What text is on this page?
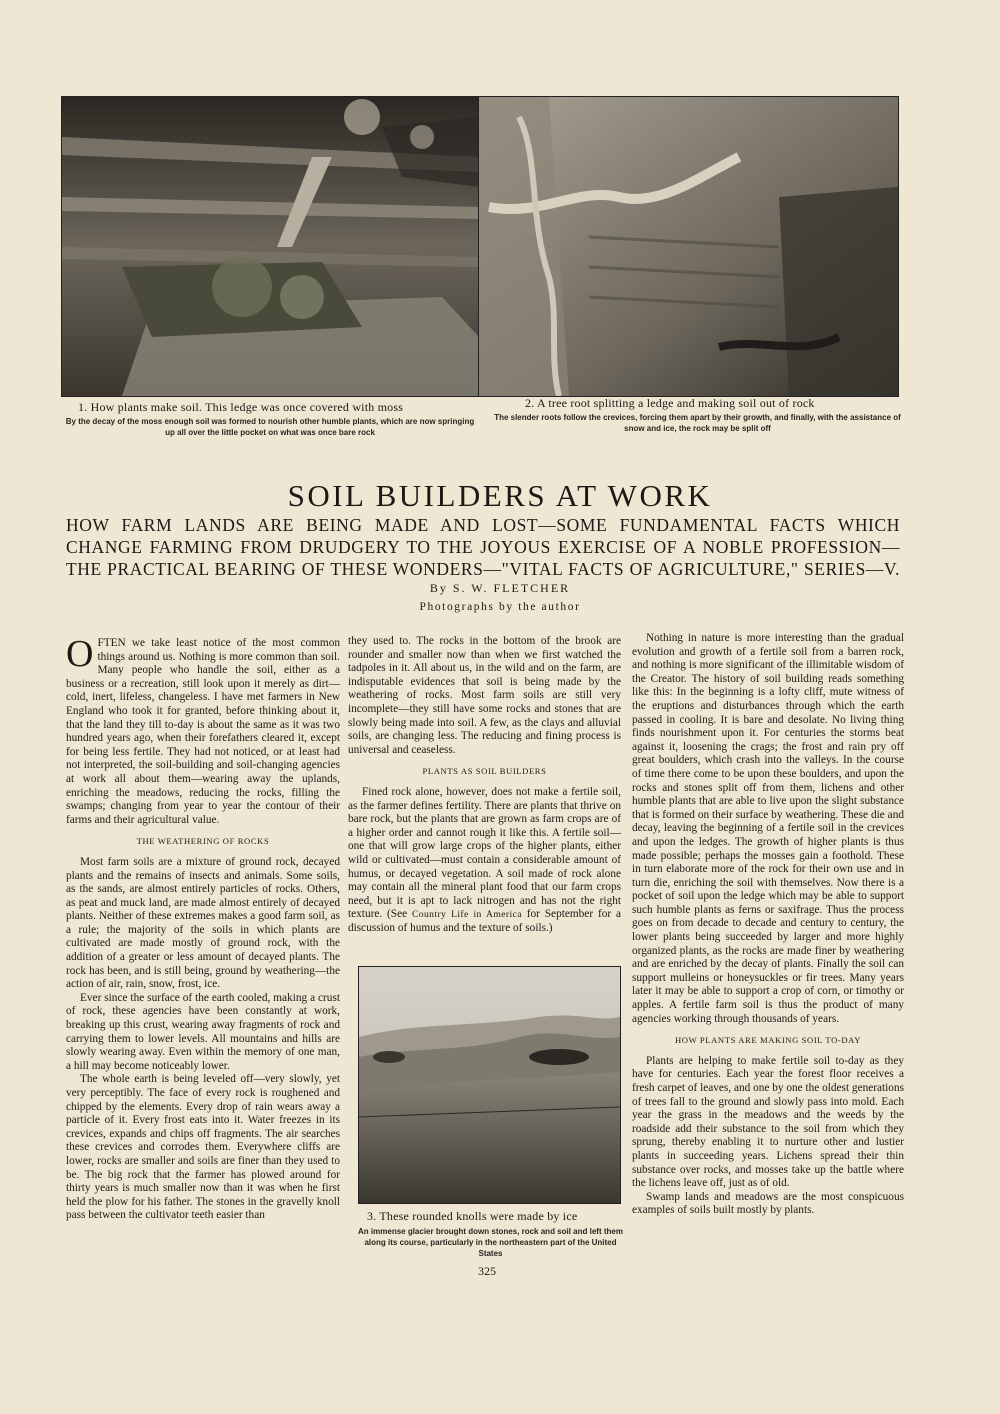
1. How plants make soil. This ledge was once covered with moss
By the decay of the moss enough soil was formed to nourish other humble plants, which are now springing up all over the little pocket on what was once bare rock
2. A tree root splitting a ledge and making soil out of rock
The slender roots follow the crevices, forcing them apart by their growth, and finally, with the assistance of snow and ice, the rock may be split off
SOIL BUILDERS AT WORK
HOW FARM LANDS ARE BEING MADE AND LOST—SOME FUNDAMENTAL FACTS WHICH CHANGE FARMING FROM DRUDGERY TO THE JOYOUS EXERCISE OF A NOBLE PROFESSION—THE PRACTICAL BEARING OF THESE WONDERS—"VITAL FACTS OF AGRICULTURE," SERIES—V.
By S. W. FLETCHER
Photographs by the author

OFTEN we take least notice of the most common things around us. Nothing is more common than soil. Many people who handle the soil, either as a business or a recreation, still look upon it merely as dirt—cold, inert, lifeless, changeless. I have met farmers in New England who took it for granted, before thinking about it, that the land they till to-day is about the same as it was two hundred years ago, when their forefathers cleared it, except for being less fertile. They had not noticed, or at least had not interpreted, the soil-building and soil-changing agencies at work all about them—wearing away the uplands, enriching the meadows, reducing the rocks, filling the swamps; changing from year to year the contour of their farms and their agricultural value.

THE WEATHERING OF ROCKS

Most farm soils are a mixture of ground rock, decayed plants and the remains of insects and animals. Some soils, as the sands, are almost entirely particles of rocks. Others, as peat and muck land, are made almost entirely of decayed plants. Neither of these extremes makes a good farm soil, as a rule; the majority of the soils in which plants are cultivated are made mostly of ground rock, with the addition of a greater or less amount of decayed plants. The rock has been, and is still being, ground by weathering—the action of air, rain, snow, frost, ice.

Ever since the surface of the earth cooled, making a crust of rock, these agencies have been constantly at work, breaking up this crust, wearing away fragments of rock and carrying them to lower levels. All mountains and hills are slowly wearing away. Even within the memory of one man, a hill may become noticeably lower.

The whole earth is being leveled off—very slowly, yet very perceptibly. The face of every rock is roughened and chipped by the elements. Every drop of rain wears away a particle of it. Every frost eats into it. Water freezes in its crevices, expands and chips off fragments. The air searches these crevices and corrodes them. Everywhere cliffs are lower, rocks are smaller and soils are finer than they used to be. The big rock that the farmer has plowed around for thirty years is much smaller now than it was when he first held the plow for his father. The stones in the gravelly knoll pass between the cultivator teeth easier than

they used to. The rocks in the bottom of the brook are rounder and smaller now than when we first watched the tadpoles in it. All about us, in the wild and on the farm, are indisputable evidences that soil is being made by the weathering of rocks. Most farm soils are still very incomplete—they still have some rocks and stones that are slowly being made into soil. A few, as the clays and alluvial soils, are changing less. The reducing and fining process is universal and ceaseless.

PLANTS AS SOIL BUILDERS

Fined rock alone, however, does not make a fertile soil, as the farmer defines fertility. There are plants that thrive on bare rock, but the plants that are grown as farm crops are of a higher order and cannot rough it like this. A fertile soil—one that will grow large crops of the higher plants, either wild or cultivated—must contain a considerable amount of humus, or decayed vegetation. A soil made of rock alone may contain all the mineral plant food that our farm crops need, but it is apt to lack nitrogen and has not the right texture. (See Country Life in America for September for a discussion of humus and the texture of soils.)

3. These rounded knolls were made by ice
An immense glacier brought down stones, rock and soil and left them along its course, particularly in the northeastern part of the United States

Nothing in nature is more interesting than the gradual evolution and growth of a fertile soil from a barren rock, and nothing is more significant of the illimitable wisdom of the Creator. The history of soil building reads something like this: In the beginning is a lofty cliff, mute witness of the eruptions and disturbances through which the earth passed in cooling. It is bare and desolate. No living thing finds nourishment upon it. For centuries the storms beat against it, loosening the crags; the frost and rain pry off great boulders, which crash into the valleys. In the course of time there come to be upon these boulders, and upon the rocks and stones split off from them, lichens and other humble plants that are able to live upon the slight substance that is formed on their surface by weathering. These die and decay, leaving the beginning of a fertile soil in the crevices and upon the ledges. The growth of higher plants is thus made possible; perhaps the mosses gain a foothold. These in turn elaborate more of the rock for their own use and in turn die, enriching the soil with themselves. Now there is a pocket of soil upon the ledge which may be able to support such humble plants as ferns or saxifrage. Thus the process goes on from decade to decade and century to century, the lower plants being succeeded by larger and more highly organized plants, as the rocks are made finer by weathering and are enriched by the decay of plants. Finally the soil can support mulleins or honeysuckles or fir trees. Many years later it may be able to support a crop of corn, or timothy or apples. A fertile farm soil is thus the product of many agencies working through thousands of years.

HOW PLANTS ARE MAKING SOIL TO-DAY

Plants are helping to make fertile soil to-day as they have for centuries. Each year the forest floor receives a fresh carpet of leaves, and one by one the oldest generations of trees fall to the ground and slowly pass into mold. Each year the grass in the meadows and the weeds by the roadside add their substance to the soil from which they sprung, thereby enabling it to nurture other and lustier plants in succeeding years. Lichens spread their thin substance over rocks, and mosses take up the battle where the lichens leave off, just as of old.

Swamp lands and meadows are the most conspicuous examples of soils built mostly by plants.

325
